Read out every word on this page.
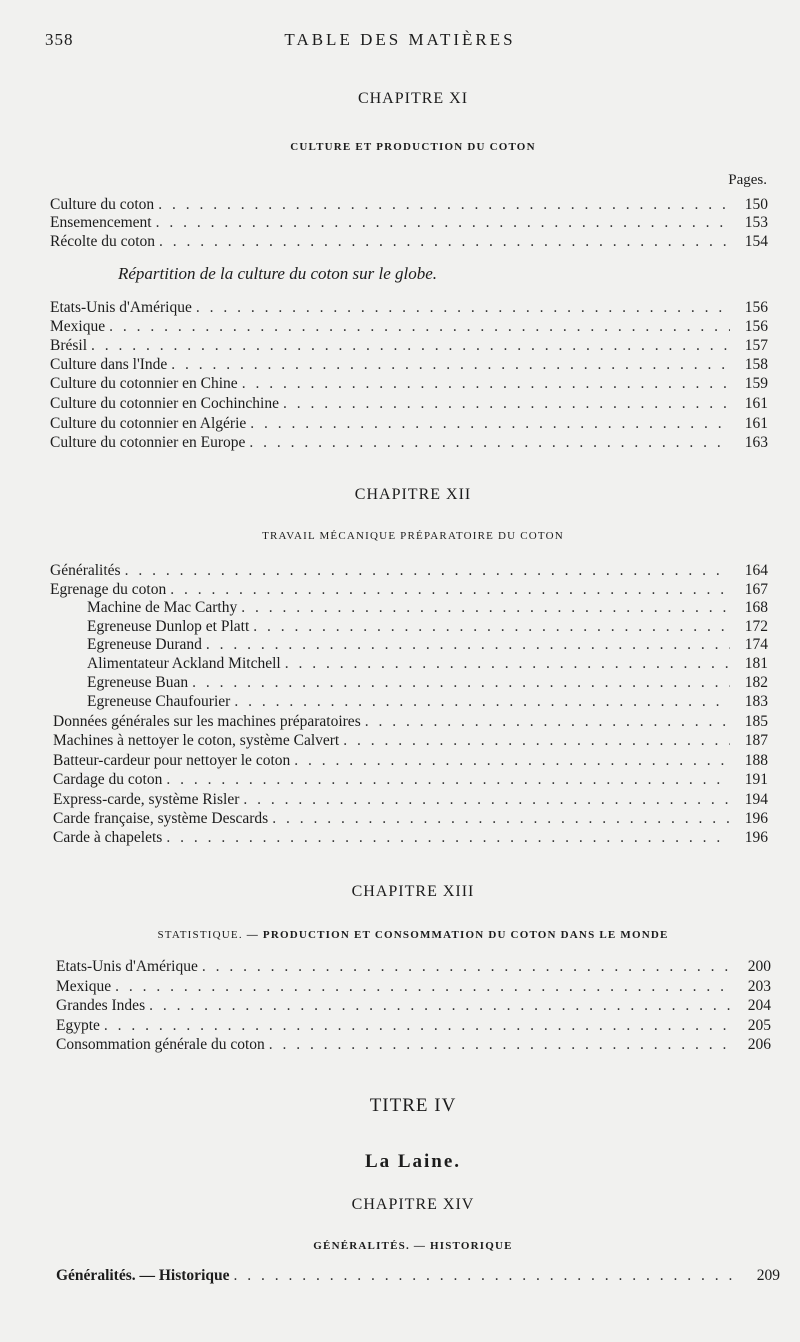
358	TABLE DES MATIÈRES
CHAPITRE XI
CULTURE ET PRODUCTION DU COTON
Pages.
Culture du coton . . .	150
Ensemencement . . .	153
Récolte du coton . . .	154
Répartition de la culture du coton sur le globe.
Etats-Unis d'Amérique . . .	156
Mexique . . .	156
Brésil . . .	157
Culture dans l'Inde . . .	158
Culture du cotonnier en Chine . . .	159
Culture du cotonnier en Cochinchine . . .	161
Culture du cotonnier en Algérie . . .	161
Culture du cotonnier en Europe . . .	163
CHAPITRE XII
TRAVAIL MÉCANIQUE PRÉPARATOIRE DU COTON
Généralités . . .	164
Egrenage du coton . . .	167
Machine de Mac Carthy . . .	168
Egreneuse Dunlop et Platt . . .	172
Egreneuse Durand . . .	174
Alimentateur Ackland Mitchell . . .	181
Egreneuse Buan . . .	182
Egreneuse Chaufourier . . .	183
Données générales sur les machines préparatoires . . .	185
Machines à nettoyer le coton, système Calvert . . .	187
Batteur-cardeur pour nettoyer le coton . . .	188
Cardage du coton . . .	191
Express-carde, système Risler . . .	194
Carde française, système Descards . . .	196
Carde à chapelets . . .	196
CHAPITRE XIII
STATISTIQUE. — PRODUCTION ET CONSOMMATION DU COTON DANS LE MONDE
Etats-Unis d'Amérique . . .	200
Mexique . . .	203
Grandes Indes . . .	204
Egypte . . .	205
Consommation générale du coton . . .	206
TITRE IV
La Laine.
CHAPITRE XIV
GÉNÉRALITÉS. — HISTORIQUE
Généralités. — Historique . . .	209
